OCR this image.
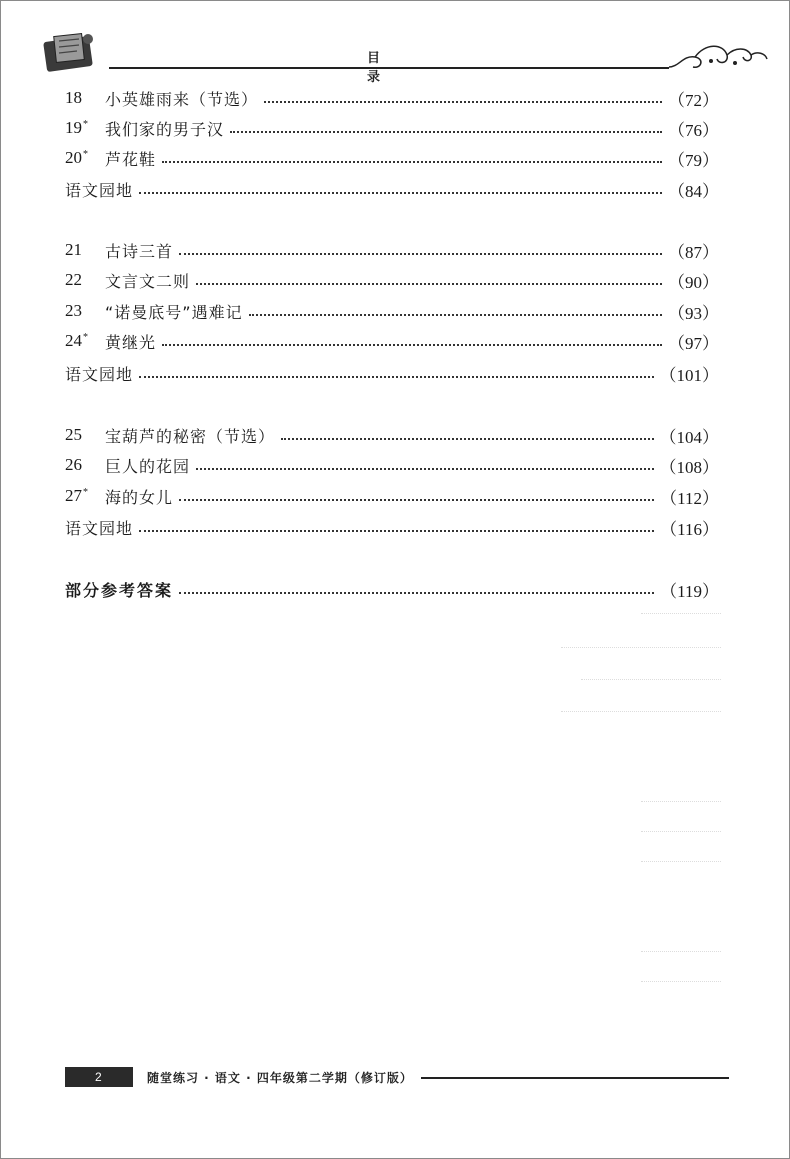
目　录
18	小英雄雨来（节选）	（72）
19*	我们家的男子汉	（76）
20*	芦花鞋	（79）
语文园地	（84）
21	古诗三首	（87）
22	文言文二则	（90）
23	“诺曼底号”遇难记	（93）
24*	黄继光	（97）
语文园地	（101）
25	宝葫芦的秘密（节选）	（104）
26	巨人的花园	（108）
27*	海的女儿	（112）
语文园地	（116）
部分参考答案	（119）
2	随堂练习 · 语文 · 四年级第二学期（修订版）
